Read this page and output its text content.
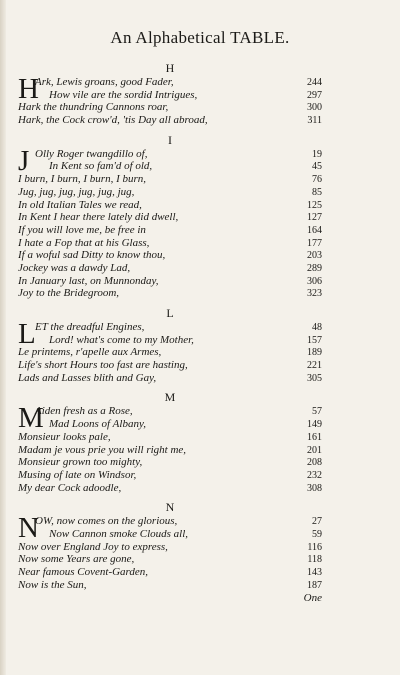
An Alphabetical TABLE.
H
H
Ark, Lewis groans, good Fader,	244
How vile are the sordid Intrigues,	297
Hark the thundring Cannons roar,	300
Hark, the Cock crow'd, 'tis Day all abroad,	311
I
J Olly Roger twangdillo of,	19
In Kent so fam'd of old,	45
I burn, I burn, I burn, I burn,	76
Jug, jug, jug, jug, jug, jug,	85
In old Italian Tales we read,	125
In Kent I hear there lately did dwell,	127
If you will love me, be free in	164
I hate a Fop that at his Glass,	177
If a woful sad Ditty to know thou,	203
Jockey was a dawdy Lad,	289
In January last, on Munnonday,	306
Joy to the Bridegroom,	323
L
L ET the dreadful Engines,	48
Lord! what's come to my Mother,	157
Le printems, r'apelle aux Armes,	189
Life's short Hours too fast are hasting,	221
Lads and Lasses blith and Gay,	305
M
M
Aiden fresh as a Rose,	57
Mad Loons of Albany,	149
Monsieur looks pale,	161
Madam je vous prie you will right me,	201
Monsieur grown too mighty,	208
Musing of late on Windsor,	232
My dear Cock adoodle,	308
N
N
OW, now comes on the glorious,	27
Now Cannon smoke Clouds all,	59
Now over England Joy to express,	116
Now some Years are gone,	118
Near famous Covent-Garden,	143
Now is the Sun,	187
One
